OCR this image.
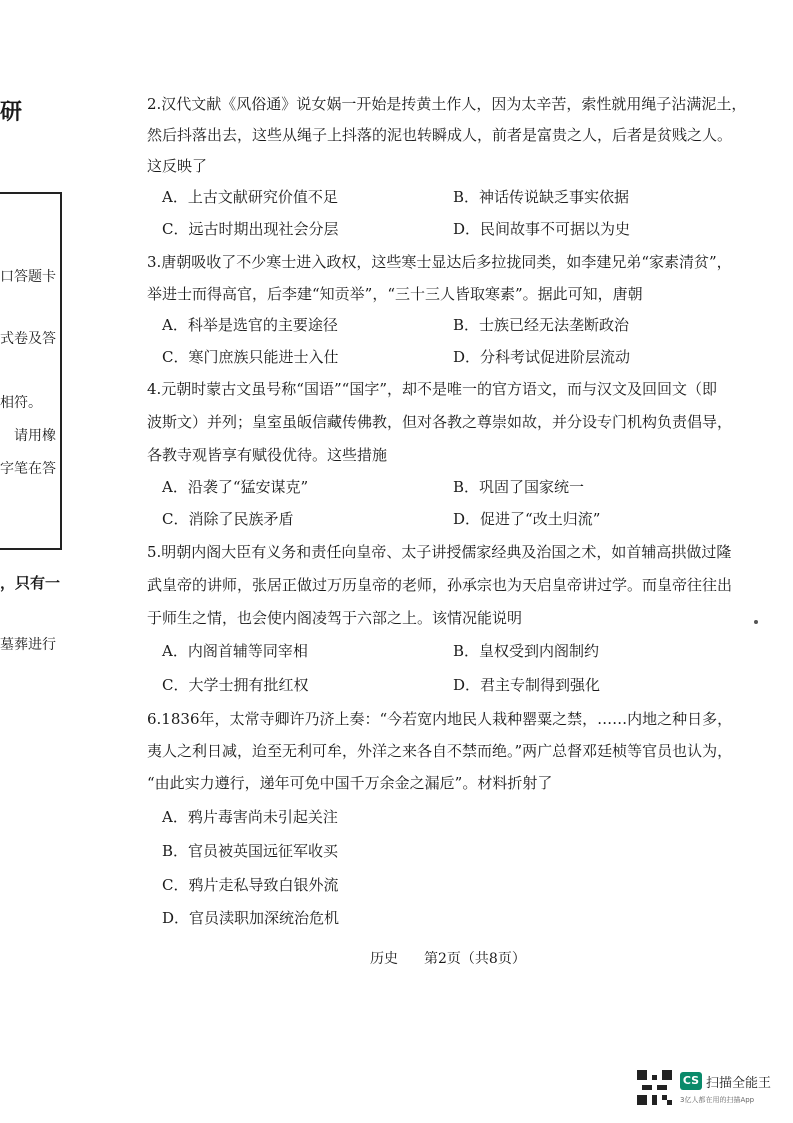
研
口答题卡
式卷及答
相符。
请用橡
字笔在答
，只有一
墓葬进行
2.汉代文献《风俗通》说女娲一开始是抟黄土作人，因为太辛苦，索性就用绳子沾满泥土，
然后抖落出去，这些从绳子上抖落的泥也转瞬成人，前者是富贵之人，后者是贫贱之人。
这反映了
A．上古文献研究价值不足	B．神话传说缺乏事实依据
C．远古时期出现社会分层	D．民间故事不可据以为史
3.唐朝吸收了不少寒士进入政权，这些寒士显达后多拉拢同类，如李建兄弟“家素清贫”，
举进士而得高官，后李建“知贡举”，“三十三人皆取寒素”。据此可知，唐朝
A．科举是选官的主要途径	B．士族已经无法垄断政治
C．寒门庶族只能进士入仕	D．分科考试促进阶层流动
4.元朝时蒙古文虽号称“国语”“国字”，却不是唯一的官方语文，而与汉文及回回文（即
波斯文）并列；皇室虽皈信藏传佛教，但对各教之尊崇如故，并分设专门机构负责倡导，
各教寺观皆享有赋役优待。这些措施
A．沿袭了“猛安谋克”	B．巩固了国家统一
C．消除了民族矛盾	D．促进了“改土归流”
5.明朝内阁大臣有义务和责任向皇帝、太子讲授儒家经典及治国之术，如首辅高拱做过隆
武皇帝的讲师，张居正做过万历皇帝的老师，孙承宗也为天启皇帝讲过学。而皇帝往往出
于师生之情，也会使内阁凌驾于六部之上。该情况能说明
A．内阁首辅等同宰相	B．皇权受到内阁制约
C．大学士拥有批红权	D．君主专制得到强化
6.1836年，太常寺卿许乃济上奏：“今若宽内地民人栽种罂粟之禁，……内地之种日多，
夷人之利日减，迨至无利可牟，外洋之来各自不禁而绝。”两广总督邓廷桢等官员也认为，
“由此实力遵行，递年可免中国千万余金之漏卮”。材料折射了
A．鸦片毒害尚未引起关注
B．官员被英国远征军收买
C．鸦片走私导致白银外流
D．官员渎职加深统治危机
历史 第2页（共8页）
CS 扫描全能王
3亿人都在用的扫描App
